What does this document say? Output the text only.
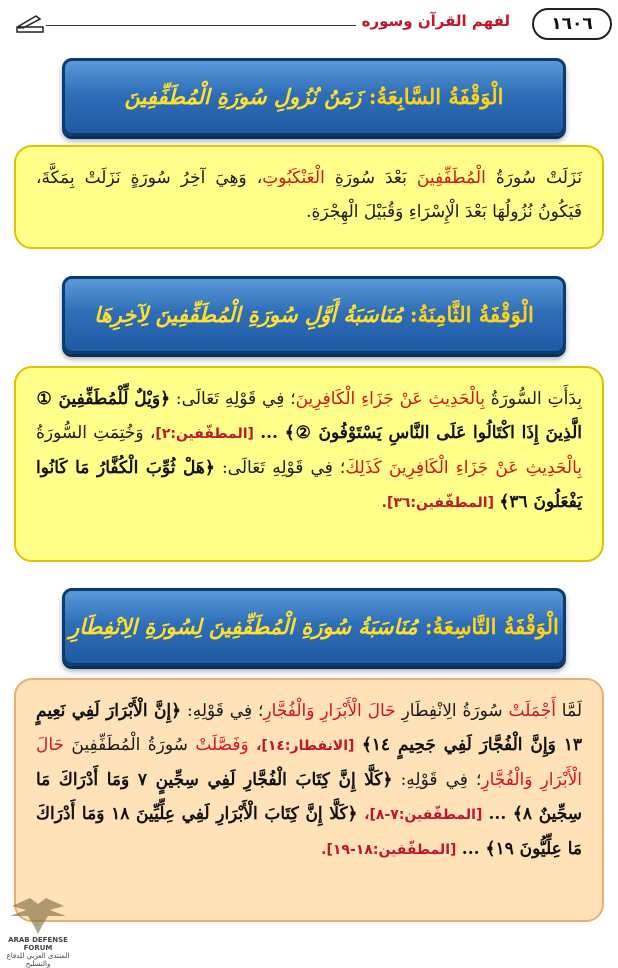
١٦٠٦
لفهم القرآن وسوره
الْوَقْفَةُ السَّابِعَةُ: زَمَنُ نُزُولِ سُورَةِ الْمُطَفِّفِينَ
نَزَلَتْ سُورَةُ الْمُطَفِّفِينَ بَعْدَ سُورَةِ الْعَنْكَبُوتِ، وَهِيَ آخِرُ سُورَةٍ نَزَلَتْ بِمَكَّةَ، فَيَكُونُ نُزُولُهَا بَعْدَ الْإِسْرَاءِ وَقُبَيْلَ الْهِجْرَةِ.
الْوَقْفَةُ الثَّامِنَةُ: مُنَاسَبَةُ أَوَّلِ سُورَةِ الْمُطَفِّفِينَ لِآخِرِهَا
بِدَأَتِ السُّورَةُ بِالْحَدِيثِ عَنْ جَزَاءِ الْكَافِرِينَ؛ فِي قَوْلِهِ تَعَالَى: ﴿وَيْلٌ لِّلْمُطَفِّفِينَ ① الَّذِينَ إِذَا اكْتَالُوا عَلَى النَّاسِ يَسْتَوْفُونَ ②﴾ ... [المطفّفين:٢]، وَخُتِمَتِ السُّورَةُ بِالْحَدِيثِ عَنْ جَزَاءِ الْكَافِرِينَ كَذَلِكَ؛ فِي قَوْلِهِ تَعَالَى: ﴿هَلْ ثُوِّبَ الْكُفَّارُ مَا كَانُوا يَفْعَلُونَ ٣٦﴾ [المطفّفين:٣٦].
الْوَقْفَةُ التَّاسِعَةُ: مُنَاسَبَةُ سُورَةِ الْمُطَفِّفِينَ لِسُورَةِ الِانْفِطَارِ
لَمَّا أَجْمَلَتْ سُورَةُ الِانْفِطَارِ حَالَ الْأَبْرَارِ وَالْفُجَّارِ؛ فِي قَوْلِهِ: ﴿إِنَّ الْأَبْرَارَ لَفِي نَعِيمٍ ١٣ وَإِنَّ الْفُجَّارَ لَفِي جَحِيمٍ ١٤﴾ [الانفطار:١٤]، وَفَصَّلَتْ سُورَةُ الْمُطَفِّفِينَ حَالَ الْأَبْرَارِ وَالْفُجَّارِ؛ فِي قَوْلِهِ: ﴿كَلَّا إِنَّ كِتَابَ الْفُجَّارِ لَفِي سِجِّينٍ ٧ وَمَا أَدْرَاكَ مَا سِجِّينٌ ٨﴾ ... [المطفّفين:٧-٨]، ﴿كَلَّا إِنَّ كِتَابَ الْأَبْرَارِ لَفِي عِلِّيِّينَ ١٨ وَمَا أَدْرَاكَ مَا عِلِّيُّونَ ١٩﴾ ... [المطفّفين:١٨-١٩].
ARAB DEFENSE FORUM
المنتدى العربي للدفاع والتسليح
